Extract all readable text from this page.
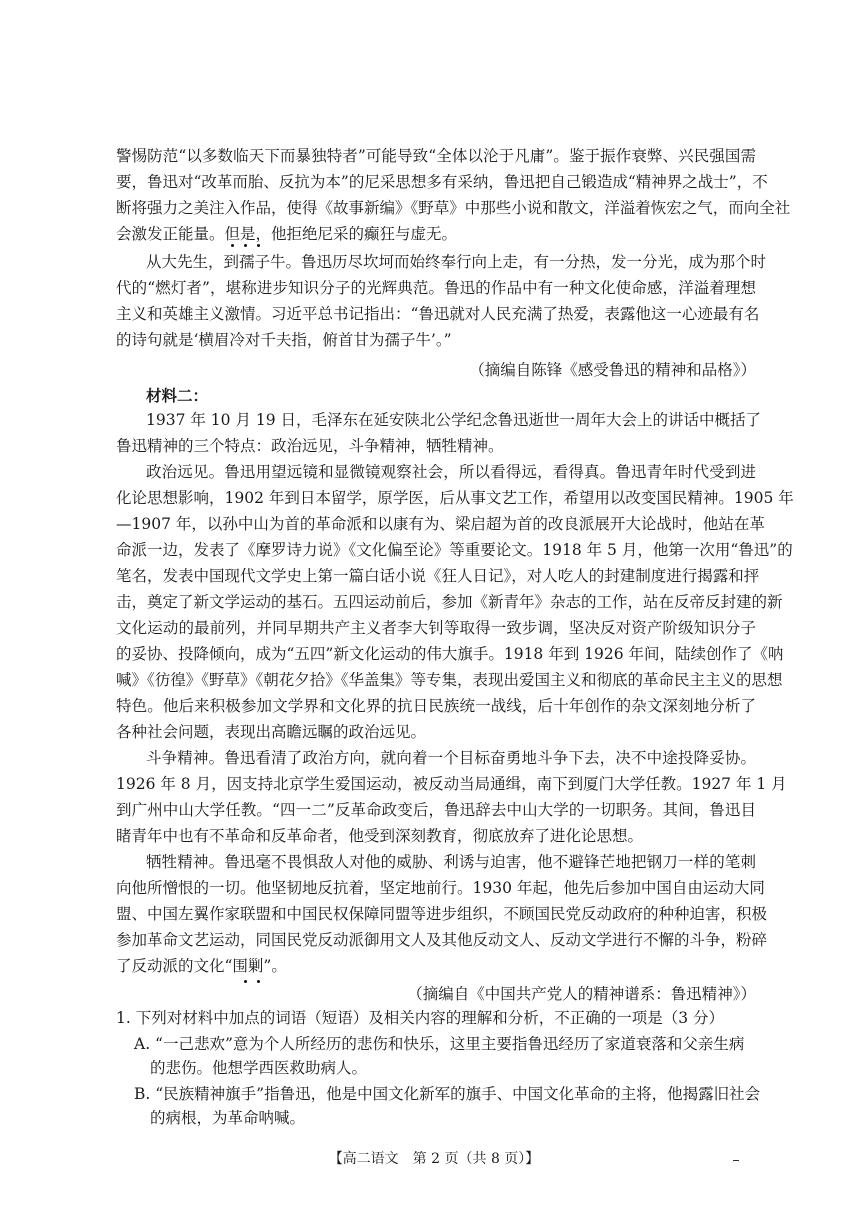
警惕防范“以多数临天下而暴独特者”可能导致“全体以沦于凡庸”。鉴于振作衰弊、兴民强国需
要，鲁迅对“改革而胎、反抗为本”的尼采思想多有采纳，鲁迅把自己锻造成“精神界之战士”，不
断将强力之美注入作品，使得《故事新编》《野草》中那些小说和散文，洋溢着恢宏之气，而向全社
会激发正能量。但是，他拒绝尼采的癫狂与虚无。
从大先生，到孺子牛。鲁迅历尽坎坷而始终奉行向上走，有一分热，发一分光，成为那个时
代的“燃灯者”，堪称进步知识分子的光辉典范。鲁迅的作品中有一种文化使命感，洋溢着理想
主义和英雄主义激情。习近平总书记指出：“鲁迅就对人民充满了热爱，表露他这一心迹最有名
的诗句就是‘横眉冷对千夫指，俯首甘为孺子牛’。”
（摘编自陈锋《感受鲁迅的精神和品格》）
材料二：
1937 年 10 月 19 日，毛泽东在延安陕北公学纪念鲁迅逝世一周年大会上的讲话中概括了
鲁迅精神的三个特点：政治远见，斗争精神，牺牲精神。
政治远见。鲁迅用望远镜和显微镜观察社会，所以看得远，看得真。鲁迅青年时代受到进
化论思想影响，1902 年到日本留学，原学医，后从事文艺工作，希望用以改变国民精神。1905 年
—1907 年，以孙中山为首的革命派和以康有为、梁启超为首的改良派展开大论战时，他站在革
命派一边，发表了《摩罗诗力说》《文化偏至论》等重要论文。1918 年 5 月，他第一次用“鲁迅”的
笔名，发表中国现代文学史上第一篇白话小说《狂人日记》，对人吃人的封建制度进行揭露和抨
击，奠定了新文学运动的基石。五四运动前后，参加《新青年》杂志的工作，站在反帝反封建的新
文化运动的最前列，并同早期共产主义者李大钊等取得一致步调，坚决反对资产阶级知识分子
的妥协、投降倾向，成为“五四”新文化运动的伟大旗手。1918 年到 1926 年间，陆续创作了《呐
喊》《彷徨》《野草》《朝花夕拾》《华盖集》等专集，表现出爱国主义和彻底的革命民主主义的思想
特色。他后来积极参加文学界和文化界的抗日民族统一战线，后十年创作的杂文深刻地分析了
各种社会问题，表现出高瞻远瞩的政治远见。
斗争精神。鲁迅看清了政治方向，就向着一个目标奋勇地斗争下去，决不中途投降妥协。
1926 年 8 月，因支持北京学生爱国运动，被反动当局通缉，南下到厦门大学任教。1927 年 1 月
到广州中山大学任教。“四一二”反革命政变后，鲁迅辞去中山大学的一切职务。其间，鲁迅目
睹青年中也有不革命和反革命者，他受到深刻教育，彻底放弃了进化论思想。
牺牲精神。鲁迅毫不畏惧敌人对他的威胁、利诱与迫害，他不避锋芒地把钢刀一样的笔刺
向他所憎恨的一切。他坚韧地反抗着，坚定地前行。1930 年起，他先后参加中国自由运动大同
盟、中国左翼作家联盟和中国民权保障同盟等进步组织，不顾国民党反动政府的种种迫害，积极
参加革命文艺运动，同国民党反动派御用文人及其他反动文人、反动文学进行不懈的斗争，粉碎
了反动派的文化“围剿”。
（摘编自《中国共产党人的精神谱系：鲁迅精神》）
1. 下列对材料中加点的词语（短语）及相关内容的理解和分析，不正确的一项是（3 分）
A. “一己悲欢”意为个人所经历的悲伤和快乐，这里主要指鲁迅经历了家道衰落和父亲生病
的悲伤。他想学西医救助病人。
B. “民族精神旗手”指鲁迅，他是中国文化新军的旗手、中国文化革命的主将，他揭露旧社会
的病根，为革命呐喊。
【高二语文　第 2 页（共 8 页）】
